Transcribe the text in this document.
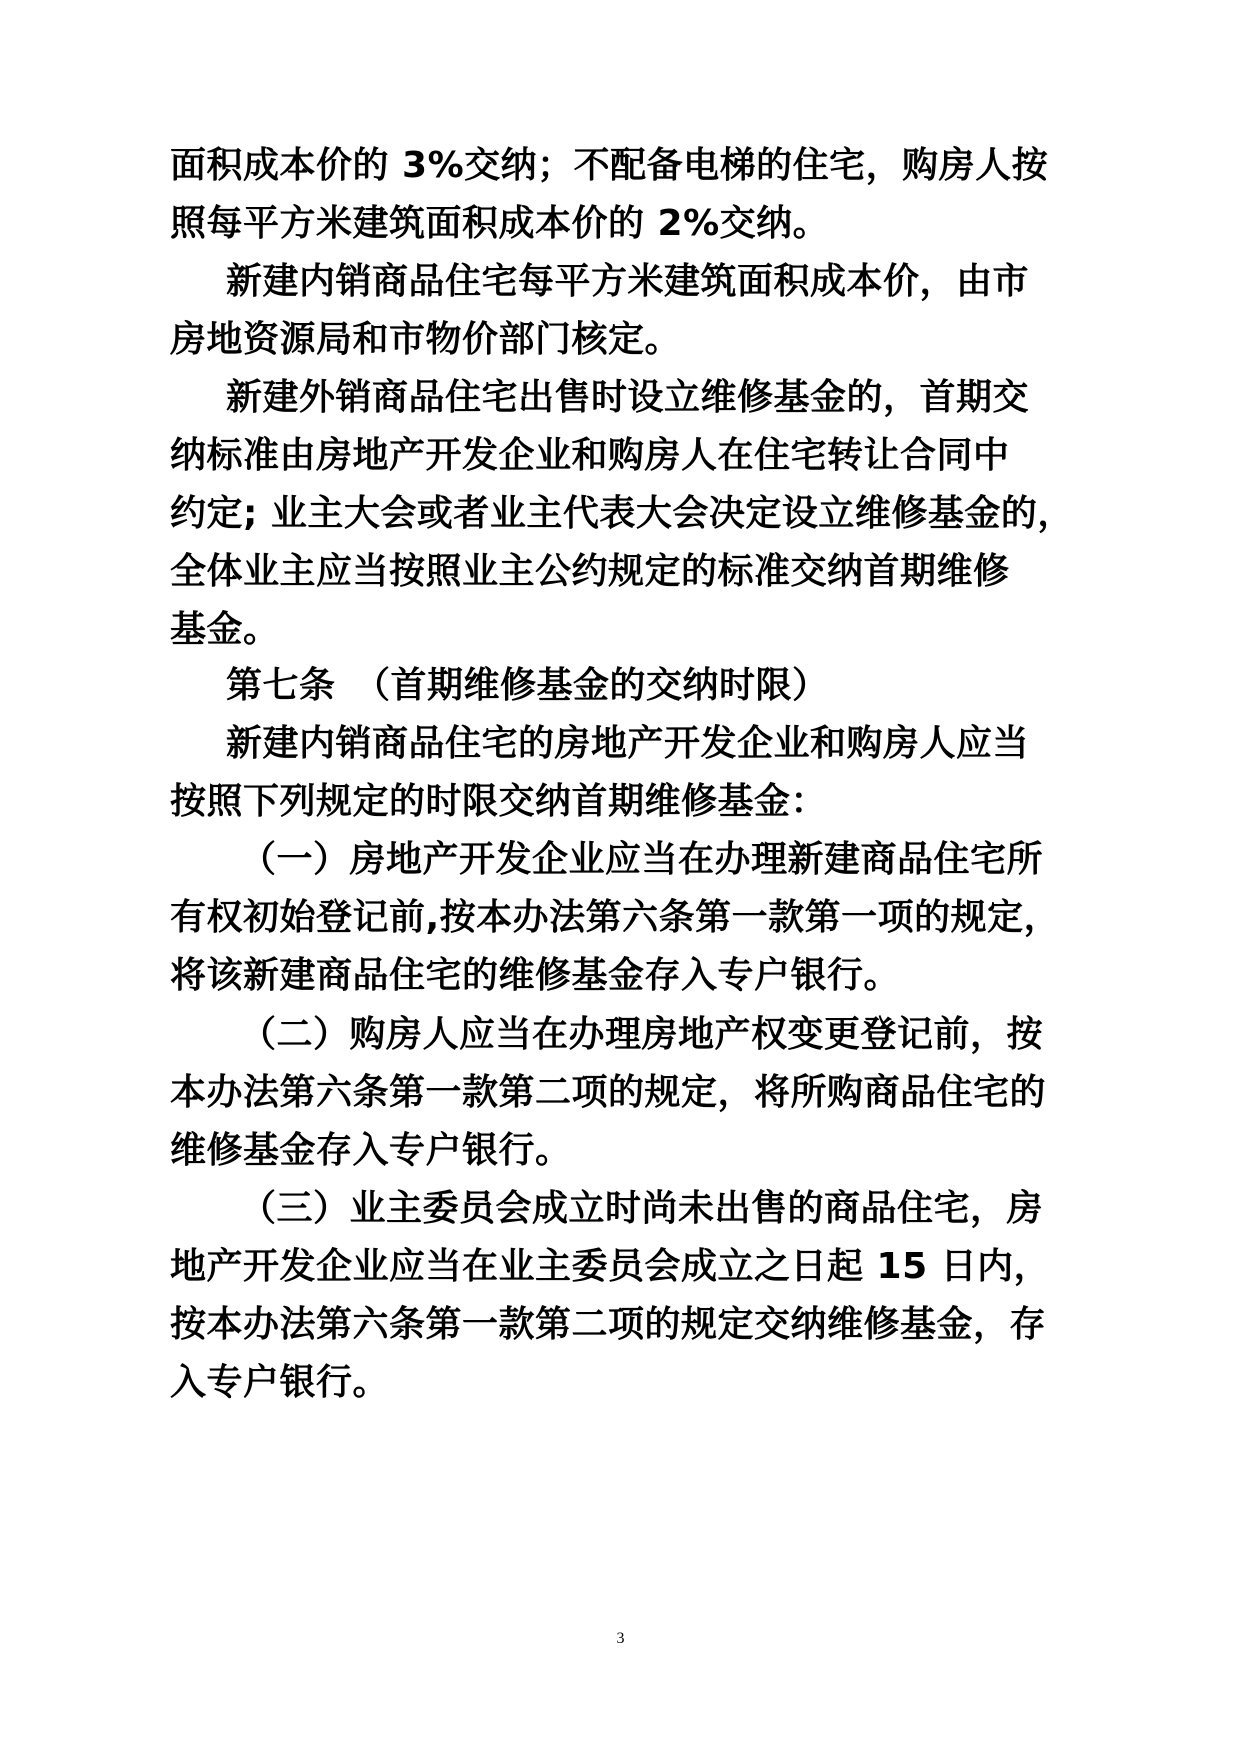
面积成本价的 3%交纳；不配备电梯的住宅，购房人按
照每平方米建筑面积成本价的 2%交纳。
新建内销商品住宅每平方米建筑面积成本价，由市
房地资源局和市物价部门核定。
新建外销商品住宅出售时设立维修基金的，首期交
纳标准由房地产开发企业和购房人在住宅转让合同中
约定; 业主大会或者业主代表大会决定设立维修基金的，
全体业主应当按照业主公约规定的标准交纳首期维修
基金。
第七条　（首期维修基金的交纳时限）
新建内销商品住宅的房地产开发企业和购房人应当
按照下列规定的时限交纳首期维修基金：
（一）房地产开发企业应当在办理新建商品住宅所
有权初始登记前,按本办法第六条第一款第一项的规定，
将该新建商品住宅的维修基金存入专户银行。
（二）购房人应当在办理房地产权变更登记前，按
本办法第六条第一款第二项的规定，将所购商品住宅的
维修基金存入专户银行。
（三）业主委员会成立时尚未出售的商品住宅，房
地产开发企业应当在业主委员会成立之日起 15 日内，
按本办法第六条第一款第二项的规定交纳维修基金，存
入专户银行。
3
